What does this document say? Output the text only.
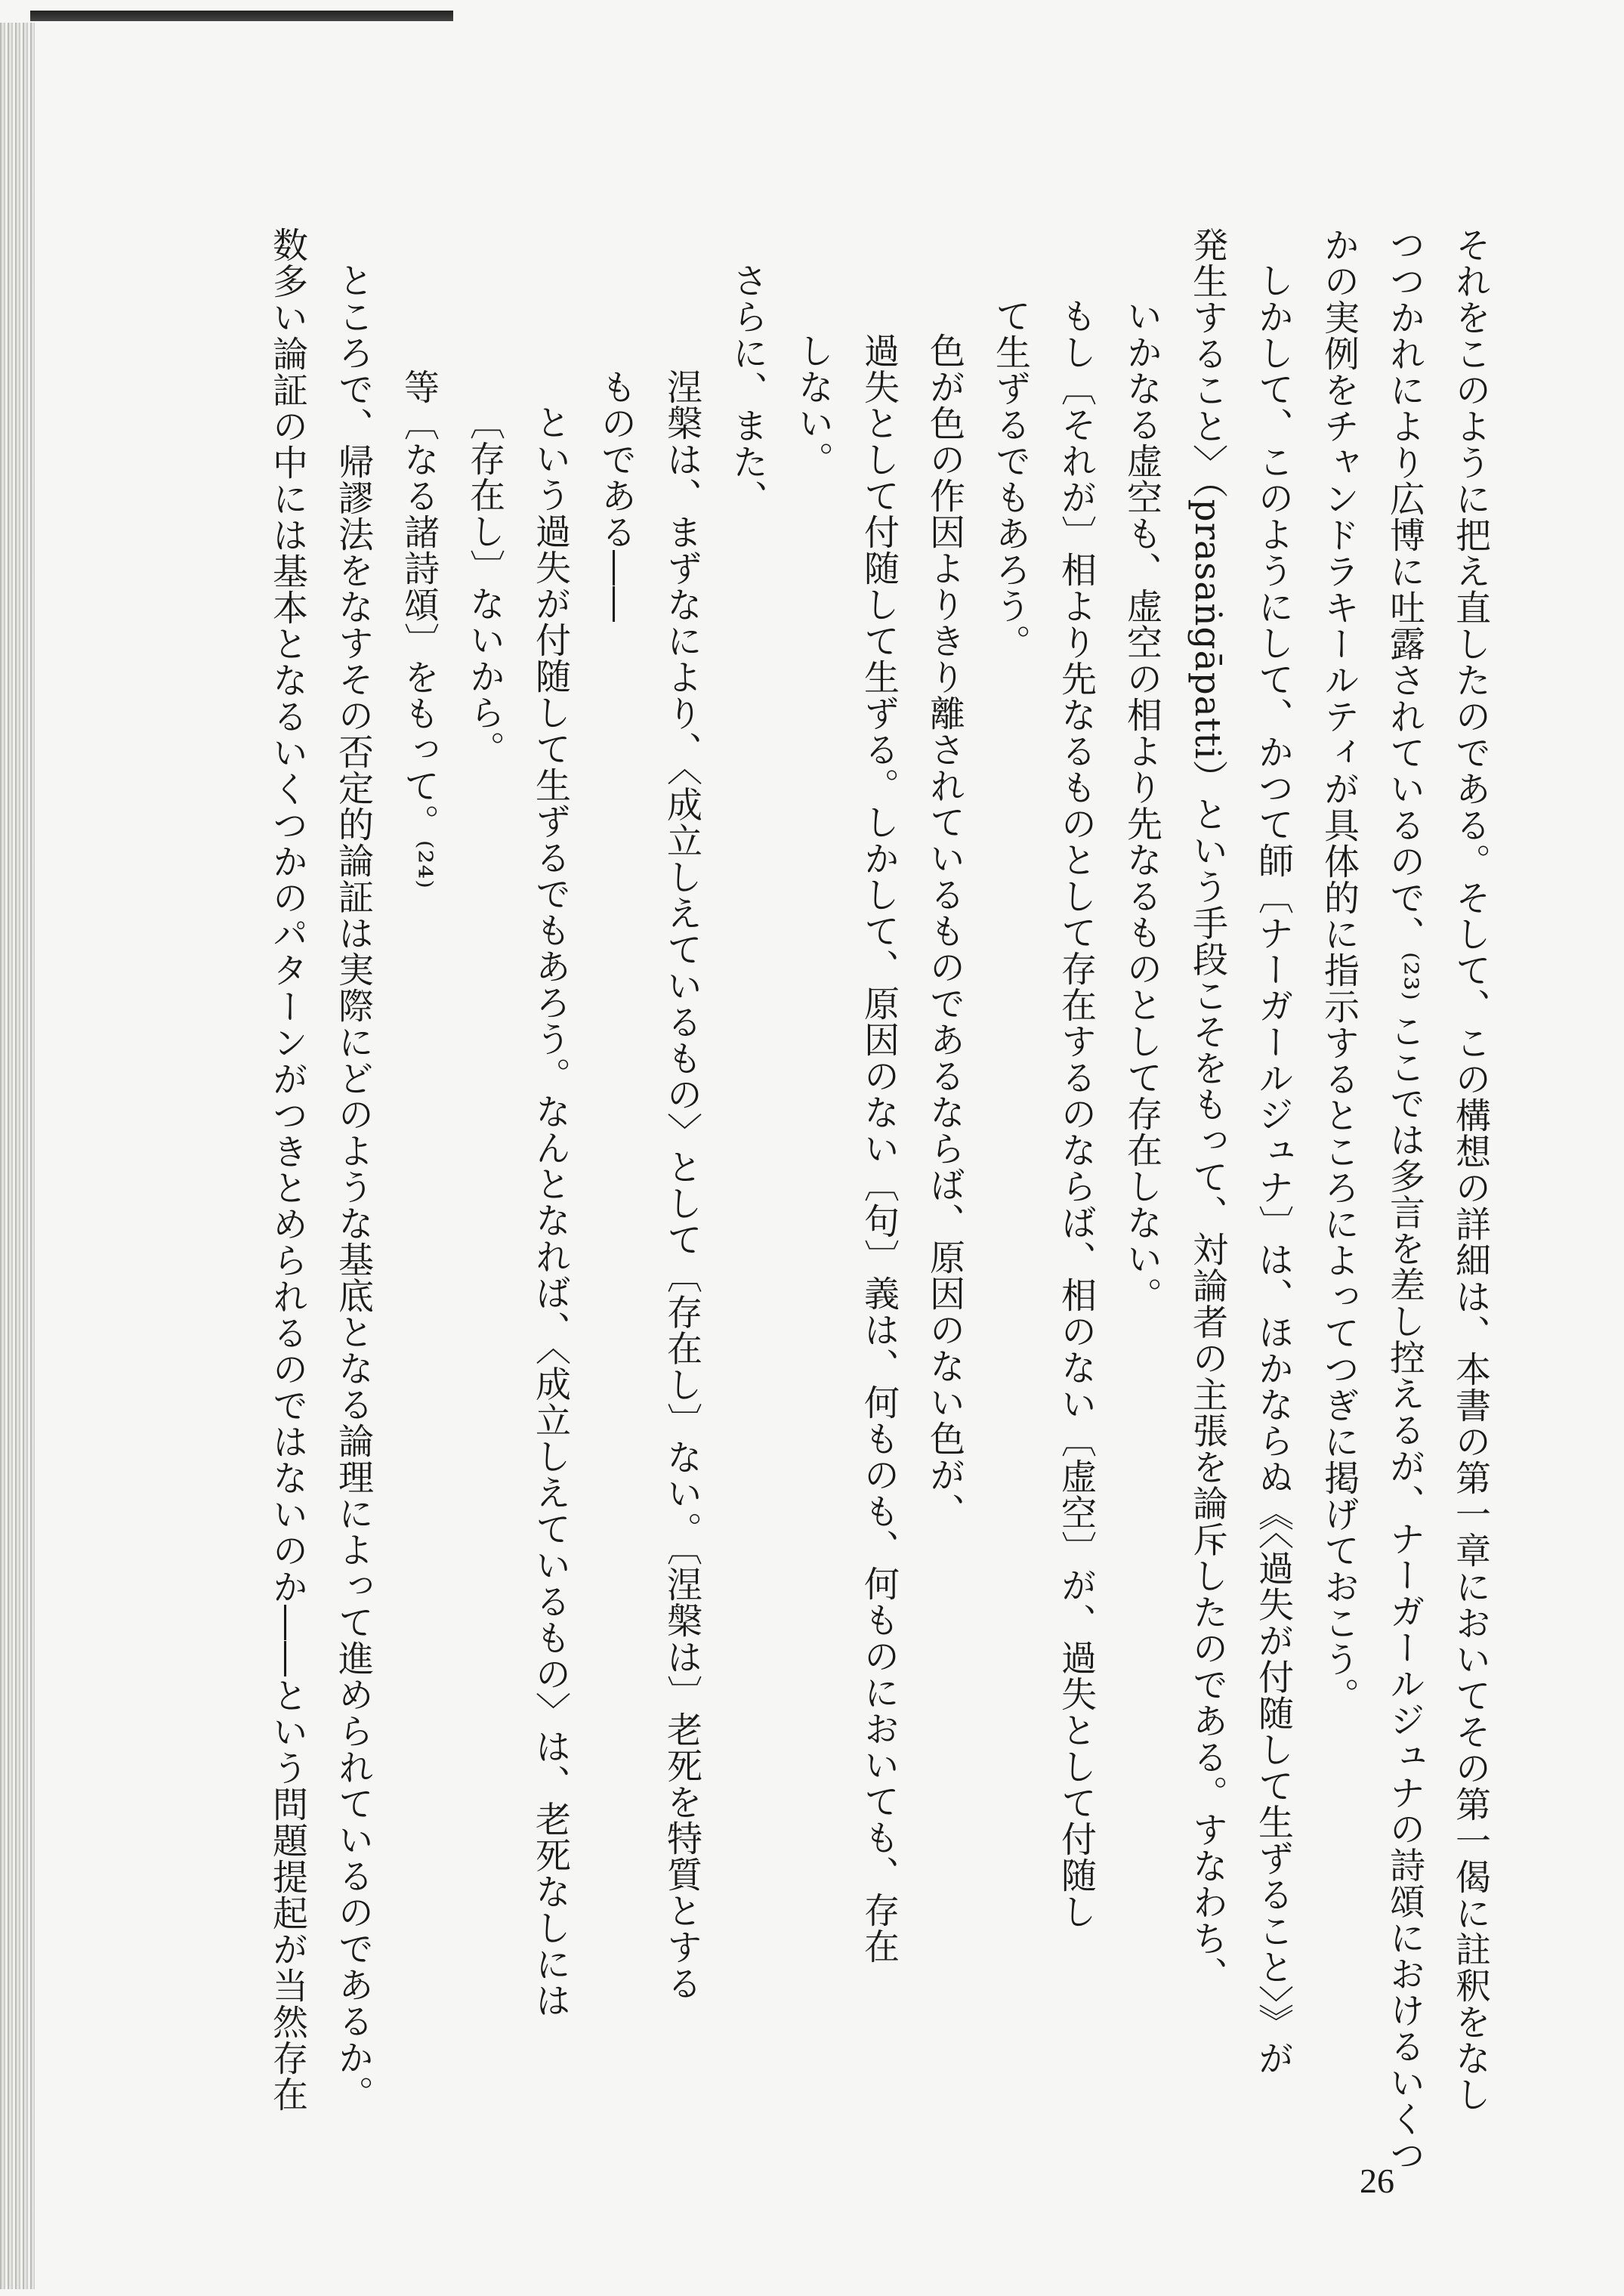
それをこのように把え直したのである。そして、この構想の詳細は、本書の第一章においてその第一偈に註釈をなし
つつかれにより広博に吐露されているので、⁽²³⁾ ここでは多言を差し控えるが、ナーガールジュナの詩頌におけるいくつ
かの実例をチャンドラキールティが具体的に指示するところによってつぎに掲げておこう。
しかして、このようにして、かつて師〔ナーガールジュナ〕は、ほかならぬ《〈過失が付随して生ずること〉》が
発生すること〉（prasaṅgāpatti）という手段こそをもって、対論者の主張を論斥したのである。すなわち、
いかなる虚空も、虚空の相より先なるものとして存在しない。
もし〔それが〕相より先なるものとして存在するのならば、相のない〔虚空〕が、過失として付随し
て生ずるでもあろう。
色が色の作因よりきり離されているものであるならば、原因のない色が、
過失として付随して生ずる。しかして、原因のない〔句〕義は、何ものも、何ものにおいても、存在
しない。
さらに、また、
涅槃は、まずなにより、〈成立しえているもの〉として〔存在し〕ない。〔涅槃は〕老死を特質とする
ものである――
という過失が付随して生ずるでもあろう。なんとなれば、〈成立しえているもの〉は、老死なしには
〔存在し〕ないから。
等〔なる諸詩頌〕をもって。⁽²⁴⁾
ところで、帰謬法をなすその否定的論証は実際にどのような基底となる論理によって進められているのであるか。
数多い論証の中には基本となるいくつかのパターンがつきとめられるのではないのか――という問題提起が当然存在
26
